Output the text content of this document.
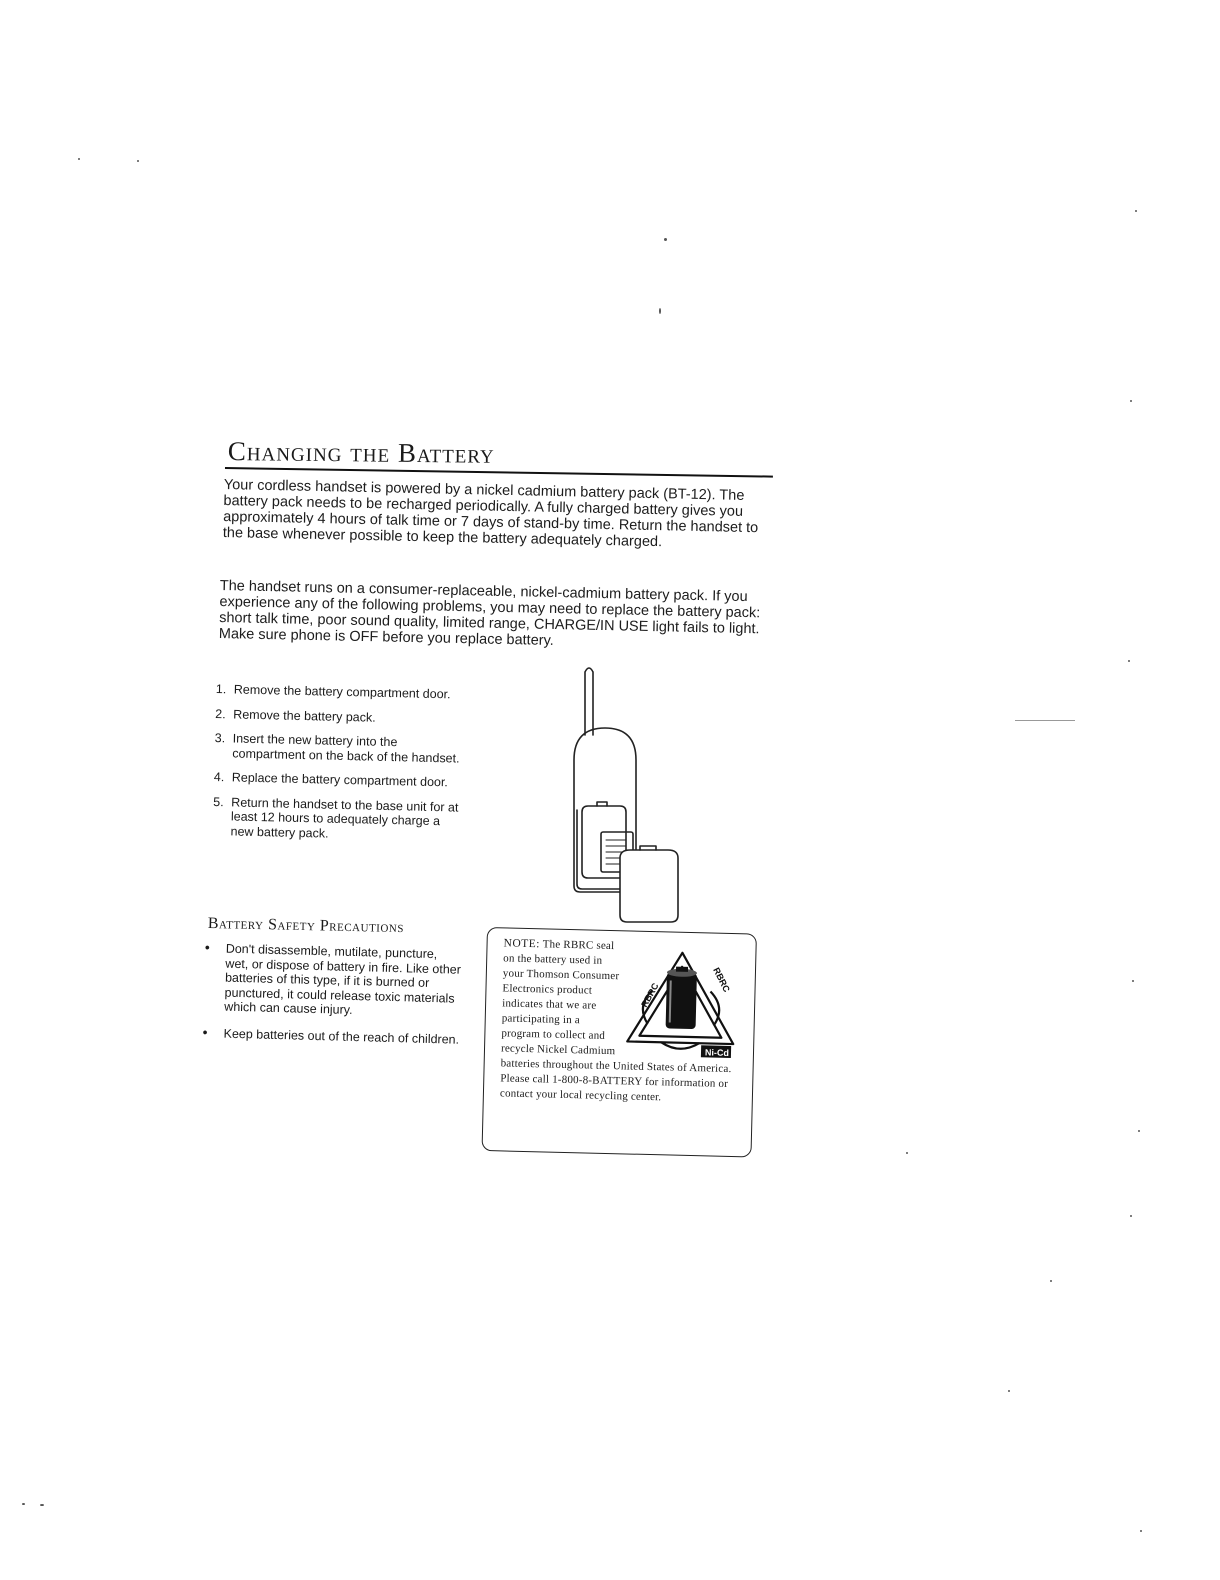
Changing the Battery

Your cordless handset is powered by a nickel cadmium battery pack (BT-12). The battery pack needs to be recharged periodically. A fully charged battery gives you approximately 4 hours of talk time or 7 days of stand-by time. Return the handset to the base whenever possible to keep the battery adequately charged.

The handset runs on a consumer-replaceable, nickel-cadmium battery pack. If you experience any of the following problems, you may need to replace the battery pack: short talk time, poor sound quality, limited range, CHARGE/IN USE light fails to light. Make sure phone is OFF before you replace battery.

1. Remove the battery compartment door.
2. Remove the battery pack.
3. Insert the new battery into the compartment on the back of the handset.
4. Replace the battery compartment door.
5. Return the handset to the base unit for at least 12 hours to adequately charge a new battery pack.
Battery Safety Precautions
• Don't disassemble, mutilate, puncture, wet, or dispose of battery in fire. Like other batteries of this type, if it is burned or punctured, it could release toxic materials which can cause injury.
• Keep batteries out of the reach of children.

NOTE: The RBRC seal on the battery used in your Thomson Consumer Electronics product indicates that we are participating in a program to collect and recycle Nickel Cadmium batteries throughout the United States of America. Please call 1-800-8-BATTERY for information or contact your local recycling center.

RBRC
RBRC
Ni-Cd
